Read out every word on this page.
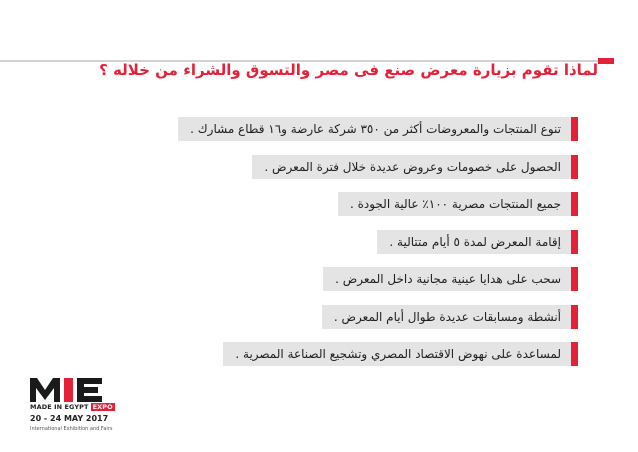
لماذا تقوم بزيارة معرض صنع فى مصر والتسوق والشراء من خلاله ؟
تنوع المنتجات والمعروضات أكثر من ٣٥٠ شركة عارضة و١٦ قطاع مشارك .
الحصول على خصومات وعروض عديدة خلال فترة المعرض .
جميع المنتجات مصرية ١٠٠٪ عالية الجودة .
إقامة المعرض لمدة ٥ أيام متتالية .
سحب على هدايا عينية مجانية داخل المعرض .
أنشطة ومسابقات عديدة طوال أيام المعرض .
لمساعدة على نهوض الاقتصاد المصري وتشجيع الصناعة المصرية .
MADE IN EGYPT EXPO
20 - 24 MAY 2017
International Exhibition and Fairs
